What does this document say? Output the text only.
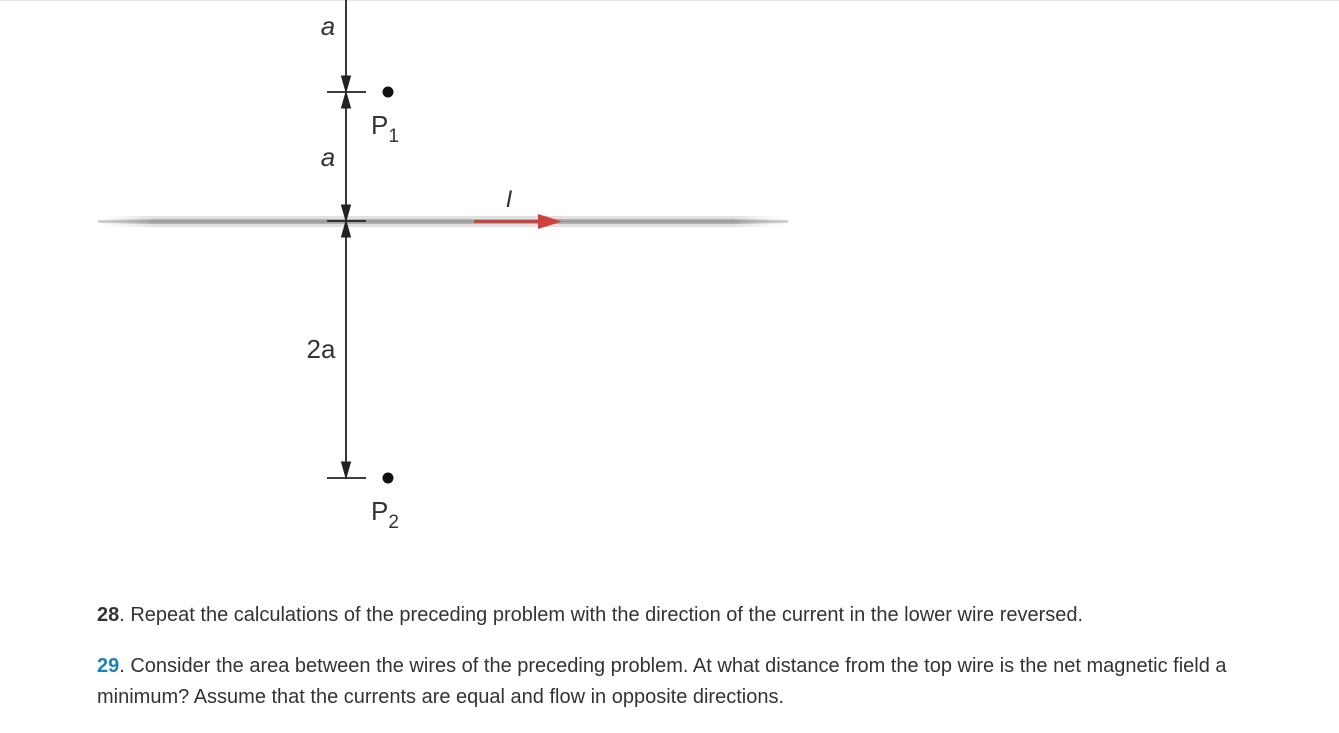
I
a
a
2a
$P_1$
$P_2$

28. Repeat the calculations of the preceding problem with the direction of the current in the lower wire reversed.

29. Consider the area between the wires of the preceding problem. At what distance from the top wire is the net magnetic field a minimum? Assume that the currents are equal and flow in opposite directions.
